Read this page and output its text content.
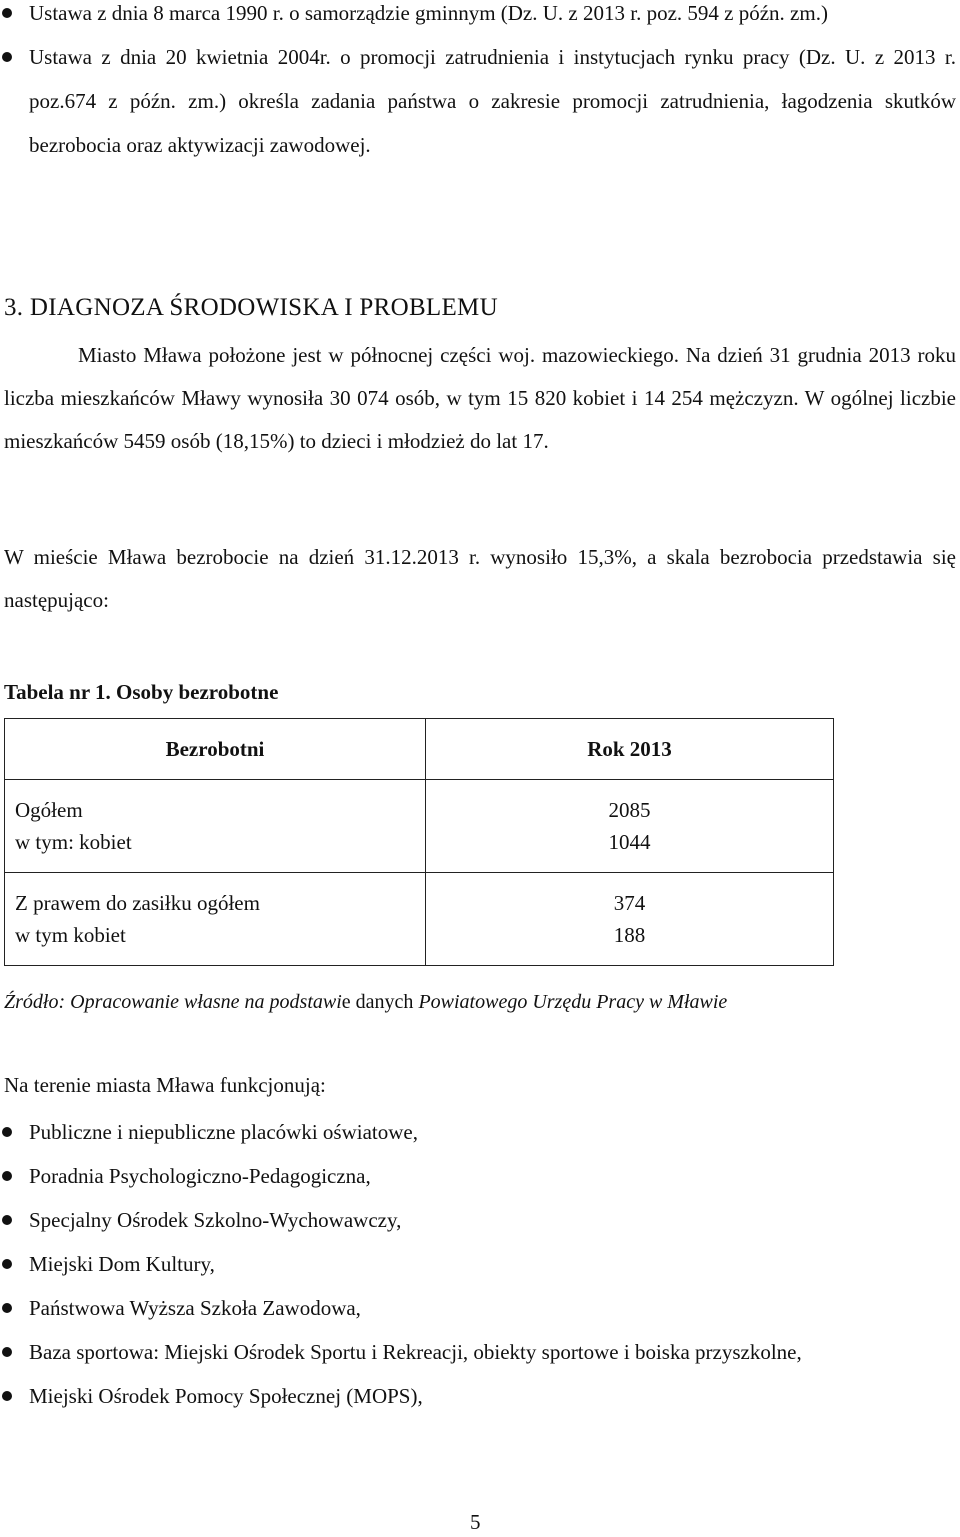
Ustawa z dnia 8 marca 1990 r. o samorządzie gminnym (Dz. U. z 2013 r. poz. 594 z późn. zm.)
Ustawa z dnia 20 kwietnia 2004r. o promocji zatrudnienia i instytucjach rynku pracy (Dz. U. z 2013 r. poz.674 z późn. zm.) określa zadania państwa o zakresie promocji zatrudnienia, łagodzenia skutków bezrobocia oraz aktywizacji zawodowej.
3. DIAGNOZA ŚRODOWISKA I PROBLEMU

Miasto Mława położone jest w północnej części woj. mazowieckiego. Na dzień 31 grudnia 2013 roku liczba mieszkańców Mławy wynosiła 30 074 osób, w tym 15 820 kobiet i 14 254 mężczyzn. W ogólnej liczbie mieszkańców 5459 osób (18,15%) to dzieci i młodzież do lat 17.

W mieście Mława bezrobocie na dzień 31.12.2013 r. wynosiło 15,3%, a skala bezrobocia przedstawia się następująco:

Tabela nr 1. Osoby bezrobotne

Bezrobotni	Rok 2013
Ogółem	2085
w tym: kobiet	1044
Z prawem do zasiłku ogółem	374
w tym kobiet	188

Źródło: Opracowanie własne na podstawie danych Powiatowego Urzędu Pracy w Mławie

Na terenie miasta Mława funkcjonują:

Publiczne i niepubliczne placówki oświatowe,
Poradnia Psychologiczno-Pedagogiczna,
Specjalny Ośrodek Szkolno-Wychowawczy,
Miejski Dom Kultury,
Państwowa Wyższa Szkoła Zawodowa,
Baza sportowa: Miejski Ośrodek Sportu i Rekreacji, obiekty sportowe i boiska przyszkolne,
Miejski Ośrodek Pomocy Społecznej (MOPS),

5
